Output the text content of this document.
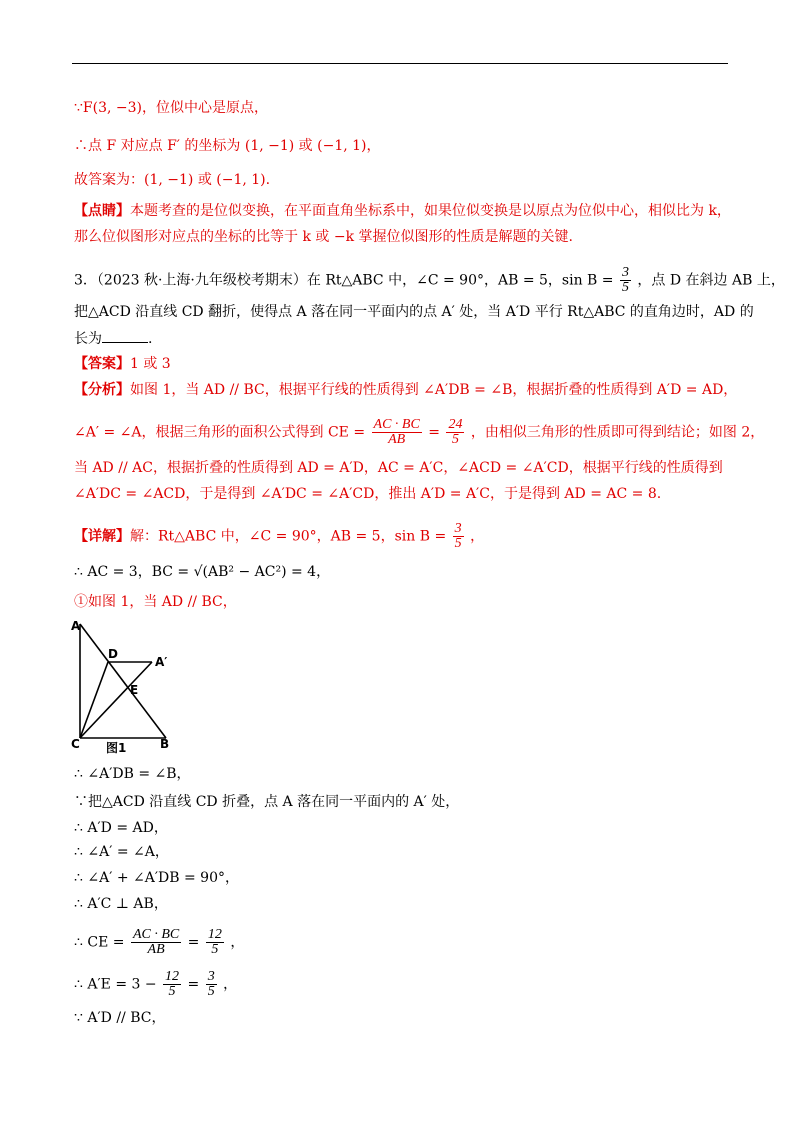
∵F(3, −3)，位似中心是原点，
∴点 F 对应点 F′ 的坐标为 (1, −1) 或 (−1, 1)，
故答案为：(1, −1) 或 (−1, 1).
【点睛】本题考查的是位似变换，在平面直角坐标系中，如果位似变换是以原点为位似中心，相似比为 k，
那么位似图形对应点的坐标的比等于 k 或 −k 掌握位似图形的性质是解题的关键.
3．（2023 秋·上海·九年级校考期末）在 Rt△ABC 中，∠C = 90°，AB = 5，$\sin B = \frac{3}{5}$ ，点 D 在斜边 AB 上，
把△ACD 沿直线 CD 翻折，使得点 A 落在同一平面内的点 A′ 处，当 A′D 平行 Rt△ABC 的直角边时，AD 的
长为	.
【答案】1 或 3
【分析】如图 1，当 AD // BC，根据平行线的性质得到 ∠A′DB = ∠B，根据折叠的性质得到 A′D = AD，
∠A′ = ∠A，根据三角形的面积公式得到 CE = $\frac{AC \cdot BC}{AB} = \frac{24}{5}$ ，由相似三角形的性质即可得到结论；如图 2，
当 AD // AC，根据折叠的性质得到 AD = A′D，AC = A′C，∠ACD = ∠A′CD，根据平行线的性质得到
∠A′DC = ∠ACD，于是得到 ∠A′DC = ∠A′CD，推出 A′D = A′C，于是得到 AD = AC = 8.
【详解】解：Rt△ABC 中，∠C = 90°，AB = 5，$\sin B = \frac{3}{5}$ ，
∴ AC = 3，BC = √(AB² − AC²) = 4，
①如图 1，当 AD // BC，
A
D
A′
E
C	B
图1
∴ ∠A′DB = ∠B，
∵把△ACD 沿直线 CD 折叠，点 A 落在同一平面内的 A′ 处，
∴ A′D = AD，
∴ ∠A′ = ∠A，
∴ ∠A′ + ∠A′DB = 90°，
∴ A′C ⊥ AB，
∴ CE = $\frac{AC \cdot BC}{AB} = \frac{12}{5}$ ，
∴ $A'E = 3 - \frac{12}{5} = \frac{3}{5}$ ，
∵ A′D // BC，
